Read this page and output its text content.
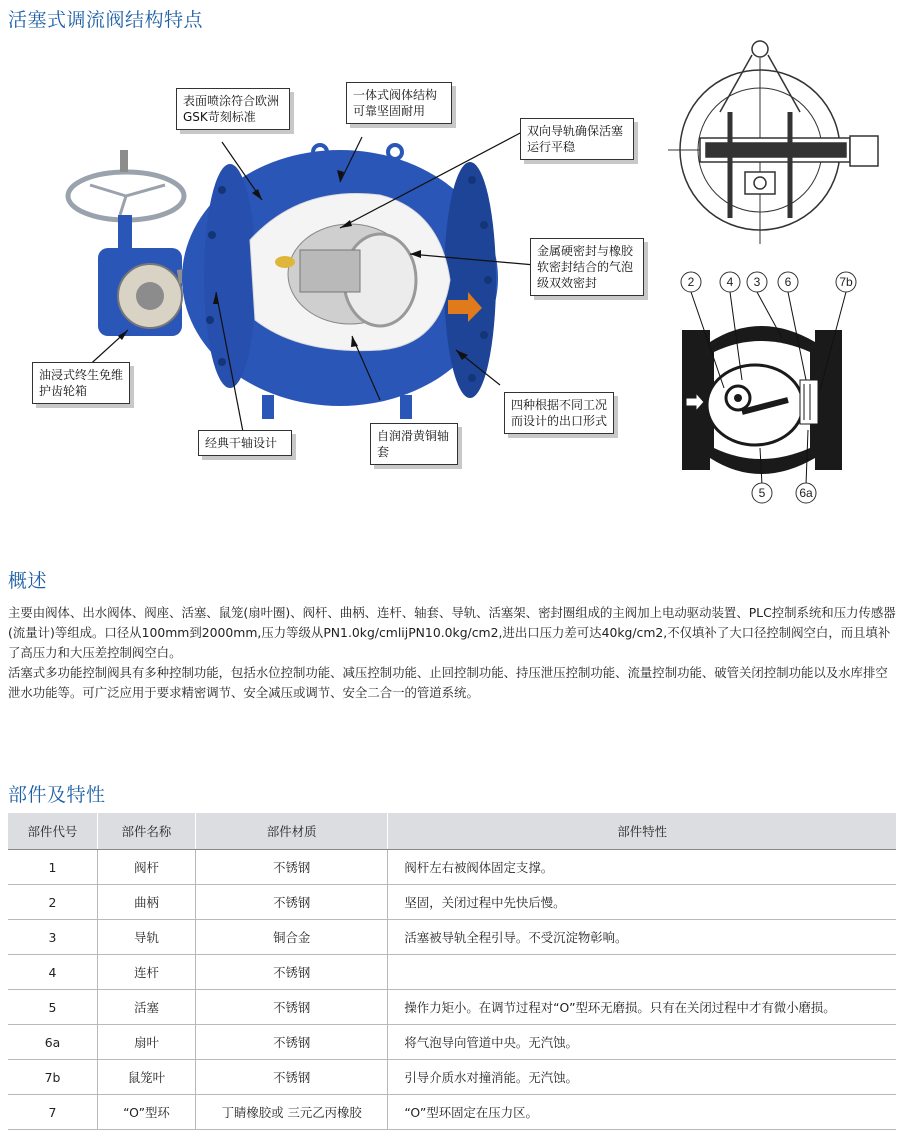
活塞式调流阀结构特点
2	4 3 6	7b
5	6a
表面喷涂符合欧洲GSK苛刻标准
一体式阀体结构可靠坚固耐用
双向导轨确保活塞运行平稳
金属硬密封与橡胶软密封结合的气泡级双效密封
油浸式终生免维护齿轮箱
经典干轴设计	自润滑黄铜轴套
四种根据不同工况而设计的出口形式
概述

主要由阀体、出水阀体、阀座、活塞、鼠笼(扇叶圈)、阀杆、曲柄、连杆、轴套、导轨、活塞架、密封圈组成的主阀加上电动驱动装置、PLC控制系统和压力传感器(流量计)等组成。口径从100mm到2000mm,压力等级从PN1.0kg/cmlijPN10.0kg/cm2,进出口压力差可达40kg/cm2,不仅填补了大口径控制阀空白，而且填补了高压力和大压差控制阀空白。

活塞式多功能控制阀具有多种控制功能，包括水位控制功能、减压控制功能、止回控制功能、持压泄压控制功能、流量控制功能、破管关闭控制功能以及水库排空泄水功能等。可广泛应用于要求精密调节、安全减压或调节、安全二合一的管道系统。

部件及特性
部件代号	部件名称	部件材质	部件特性
1	阀杆	不锈钢	阀杆左右被阀体固定支撑。
2	曲柄	不锈钢	坚固，关闭过程中先快后慢。
3	导轨	铜合金	活塞被导轨全程引导。不受沉淀物彰响。
4	连杆	不锈钢	
5	活塞	不锈钢	操作力矩小。在调节过程对“O”型环无磨损。只有在关闭过程中才有微小磨损。
6a	扇叶	不锈钢	将气泡导向管道中央。无汽蚀。
7b	鼠笼叶	不锈钢	引导介质水对撞消能。无汽蚀。
7	“O”型环	丁睛橡胶或 三元乙丙橡胶	“O”型环固定在压力区。
